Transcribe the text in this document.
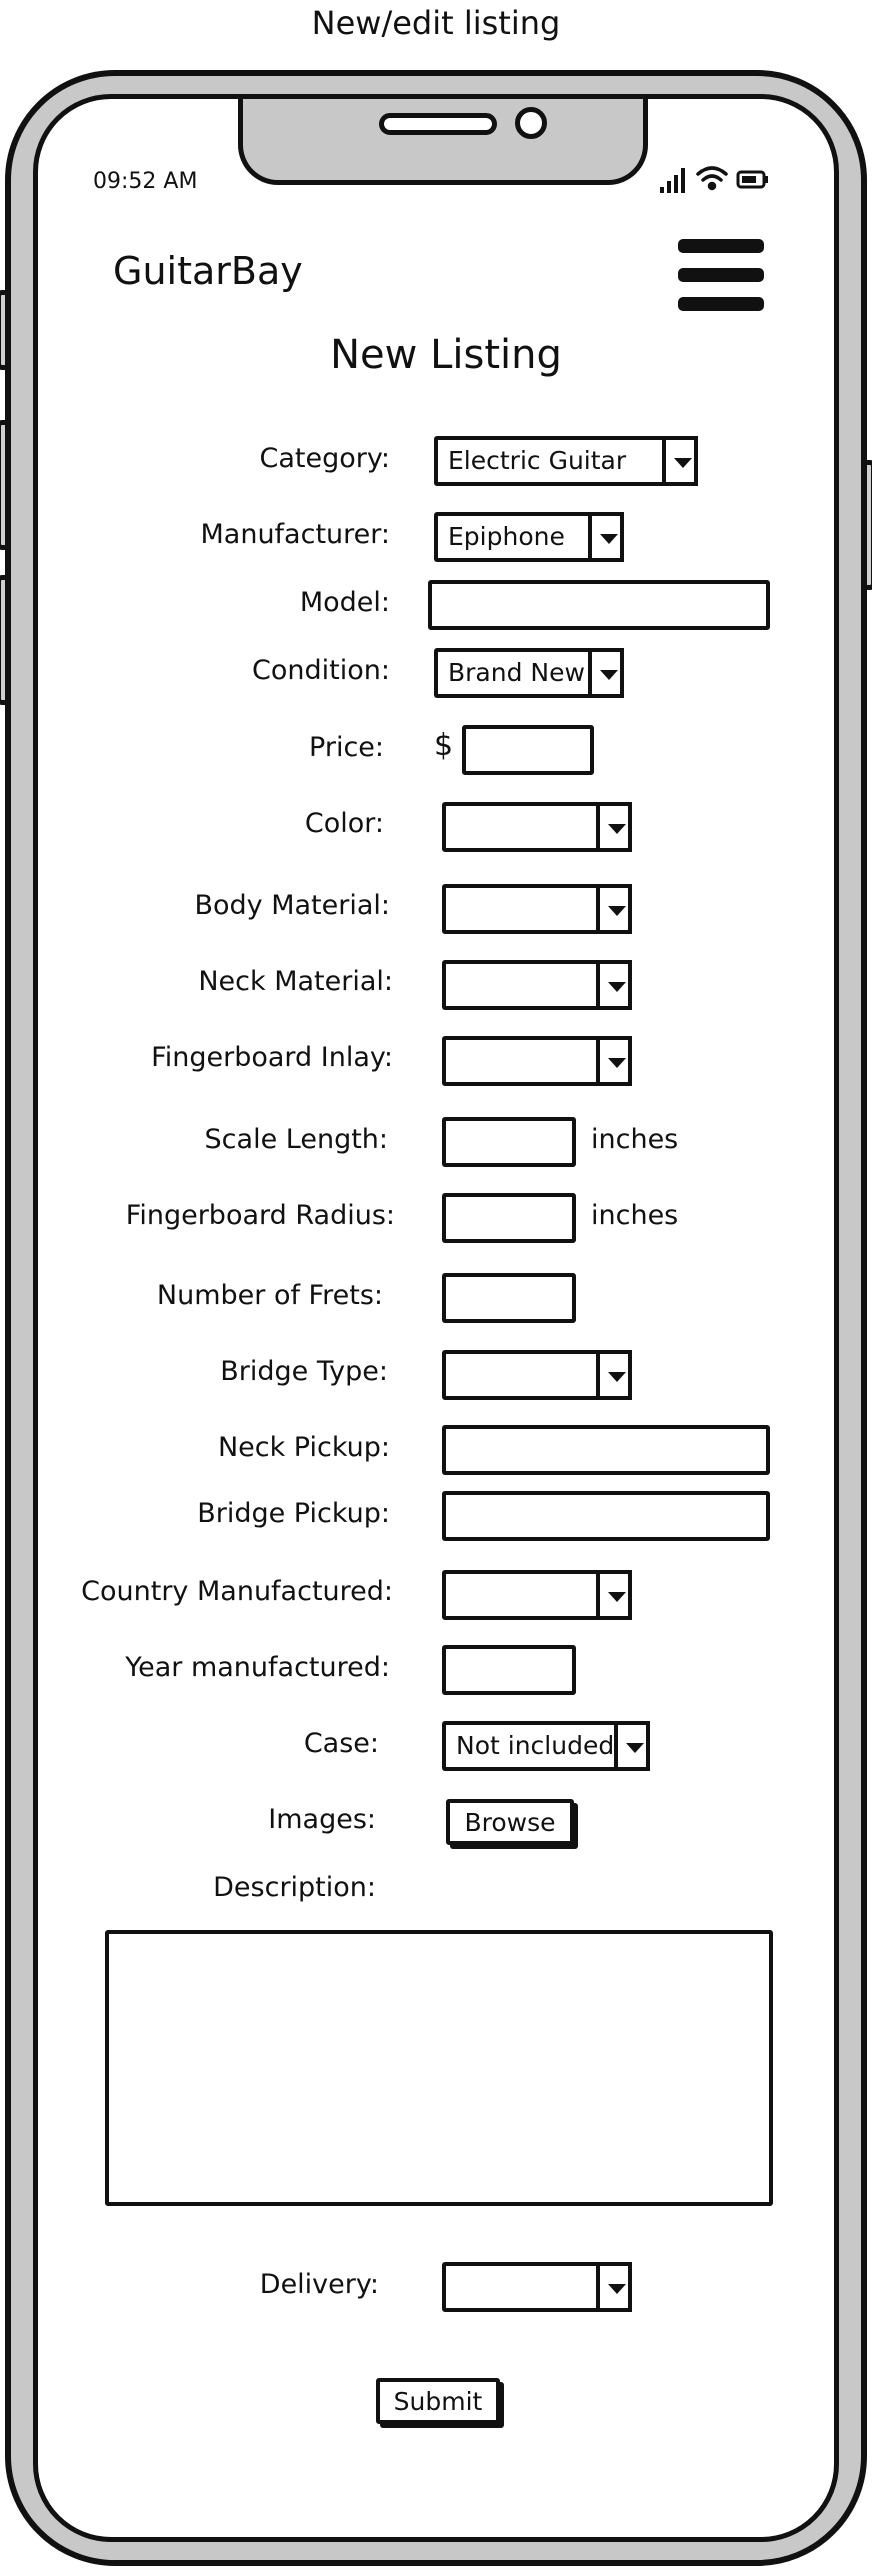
New/edit listing
09:52 AM
GuitarBay
New Listing
Category:	Electric Guitar
Manufacturer:	Epiphone
Model:
Condition:	Brand New
Price: $
Color:
Body Material:
Neck Material:
Fingerboard Inlay:
Scale Length:	inches
Fingerboard Radius:	inches
Number of Frets:
Bridge Type:
Neck Pickup:
Bridge Pickup:
Country Manufactured:
Year manufactured:
Case:	Not included
Images:	Browse
Description:
Delivery:
Submit
